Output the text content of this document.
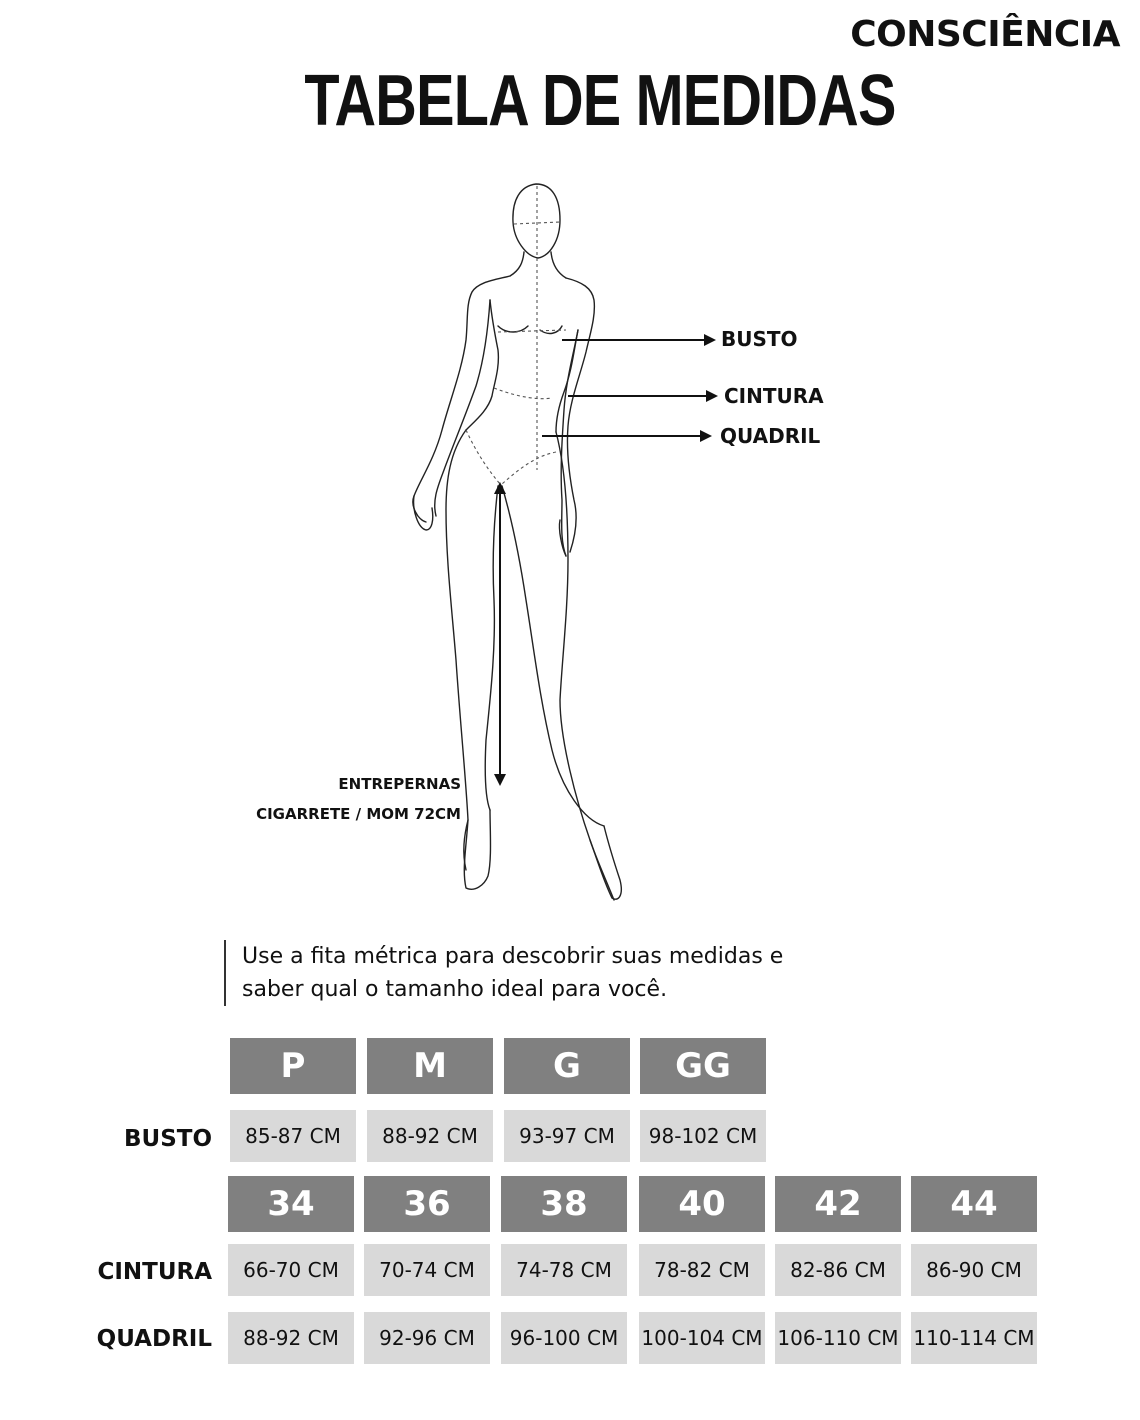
CONSCIÊNCIA
TABELA DE MEDIDAS
BUSTO
CINTURA
QUADRIL
ENTREPERNAS
CIGARRETE / MOM 72CM
Use a fita métrica para descobrir suas medidas e
saber qual o tamanho ideal para você.
P	M	G	GG
BUSTO	85-87 CM	88-92 CM	93-97 CM	98-102 CM
34	36	38	40	42	44
CINTURA	66-70 CM	70-74 CM	74-78 CM	78-82 CM	82-86 CM	86-90 CM
QUADRIL	88-92 CM	92-96 CM	96-100 CM	100-104 CM 106-110 CM 110-114 CM
